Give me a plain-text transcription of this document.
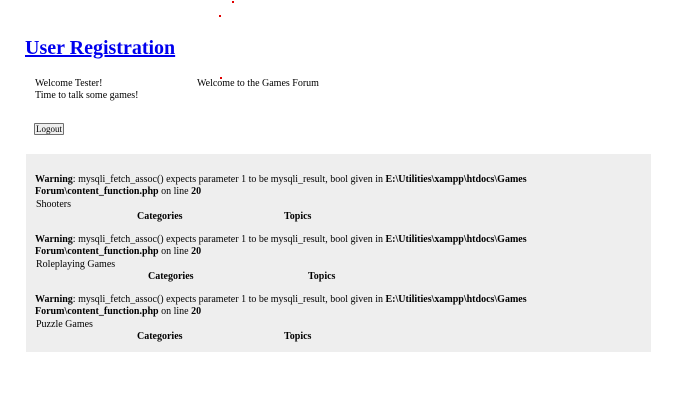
User Registration
Welcome Tester!
Time to talk some games!
Welcome to the Games Forum
Logout
Warning: mysqli_fetch_assoc() expects parameter 1 to be mysqli_result, bool given in E:\Utilities\xampp\htdocs\Games Forum\content_function.php on line 20
Shooters
Categories	Topics
Warning: mysqli_fetch_assoc() expects parameter 1 to be mysqli_result, bool given in E:\Utilities\xampp\htdocs\Games Forum\content_function.php on line 20
Roleplaying Games
Categories	Topics
Warning: mysqli_fetch_assoc() expects parameter 1 to be mysqli_result, bool given in E:\Utilities\xampp\htdocs\Games Forum\content_function.php on line 20
Puzzle Games
Categories	Topics
